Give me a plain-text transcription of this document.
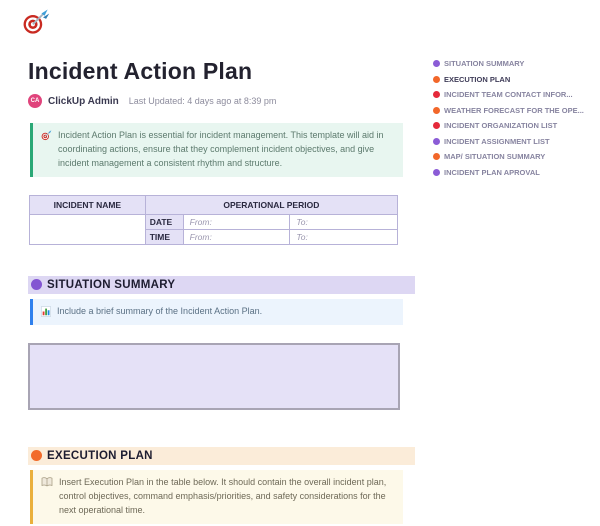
Incident Action Plan
CA ClickUp Admin Last Updated: 4 days ago at 8:39 pm

Incident Action Plan is essential for incident management. This template will aid in coordinating actions, ensure that they complement incident objectives, and give incident management a consistent rhythm and structure.

INCIDENT NAME	OPERATIONAL PERIOD		
	DATE	From:	To:
	TIME	From:	To:
SITUATION SUMMARY

Include a brief summary of the Incident Action Plan.

EXECUTION PLAN

Insert Execution Plan in the table below. It should contain the overall incident plan, control objectives, command emphasis/priorities, and safety considerations for the next operational time.

SITUATION SUMMARY
EXECUTION PLAN
INCIDENT TEAM CONTACT INFOR...
WEATHER FORECAST FOR THE OPE...
INCIDENT ORGANIZATION LIST
INCIDENT ASSIGNMENT LIST
MAP/ SITUATION SUMMARY
INCIDENT PLAN APROVAL
